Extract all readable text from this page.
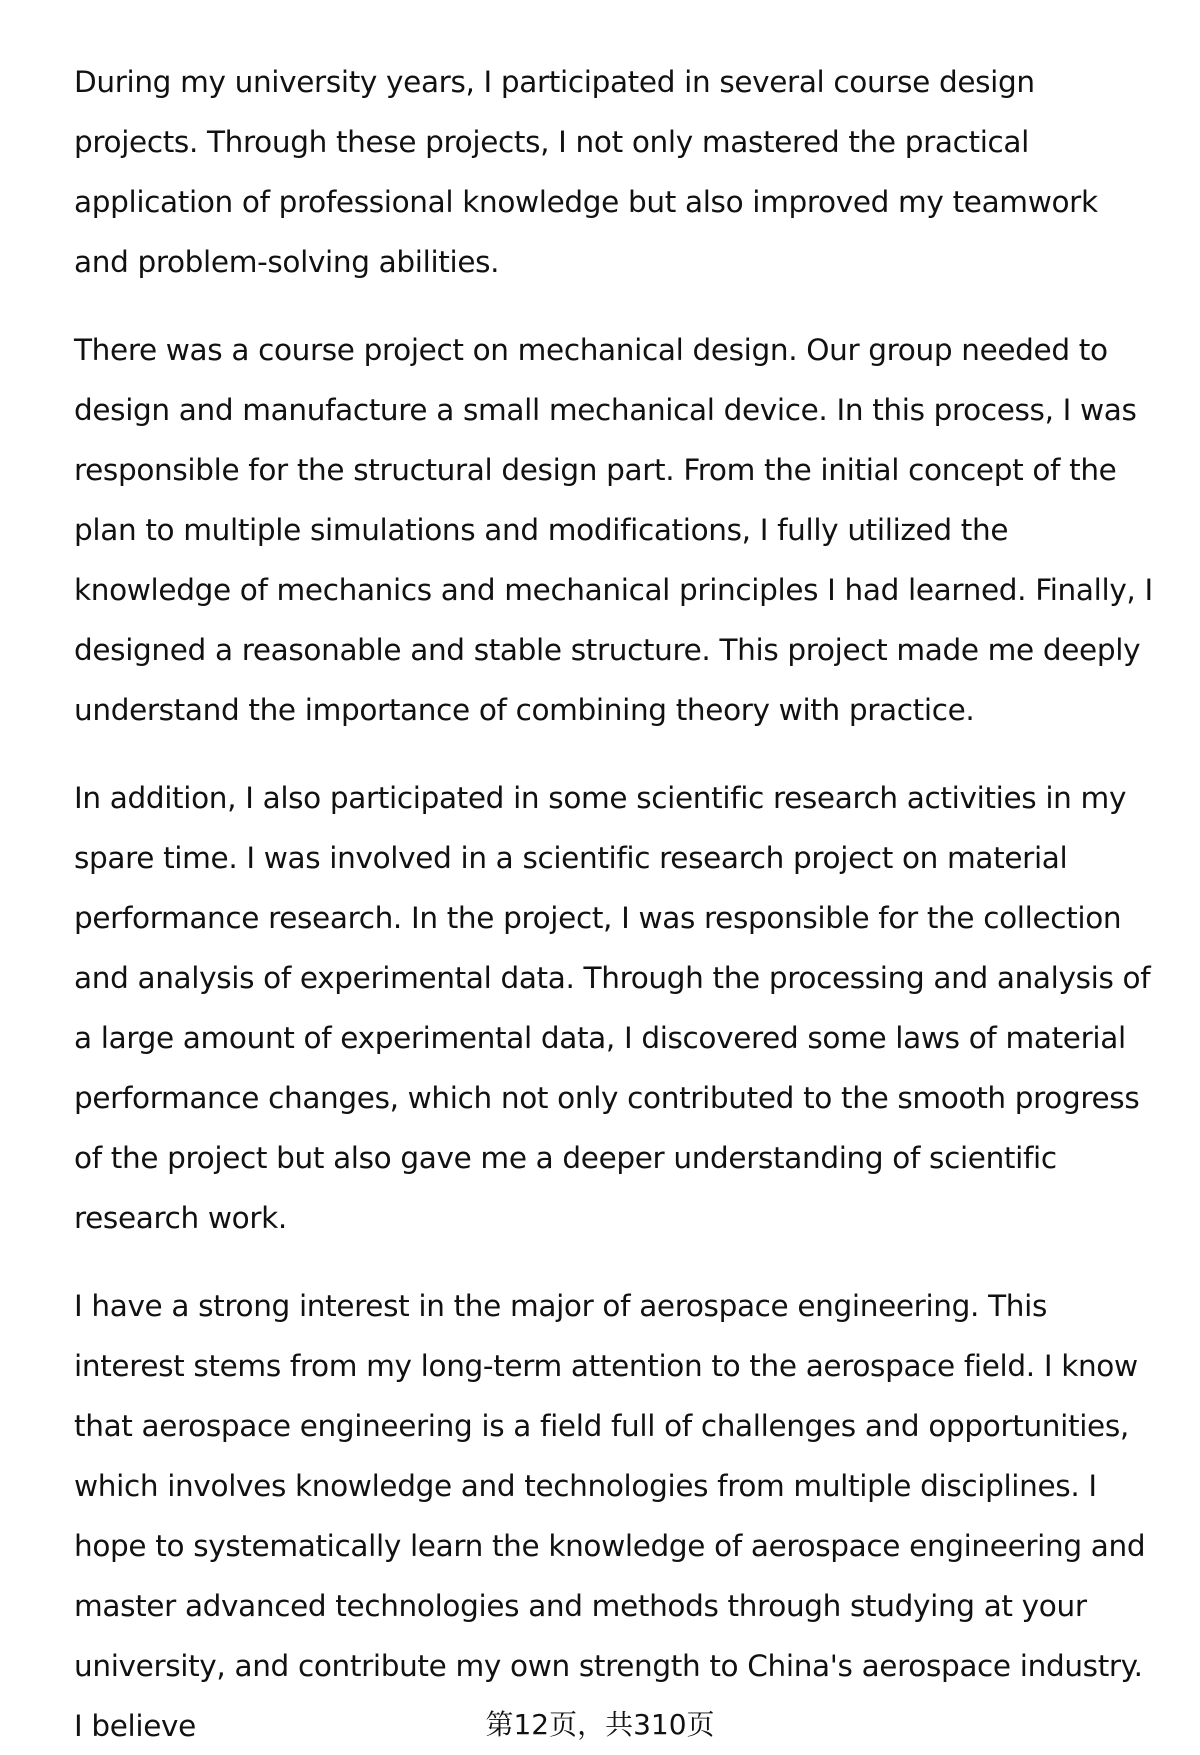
During my university years, I participated in several course design projects. Through these projects, I not only mastered the practical application of professional knowledge but also improved my teamwork and problem-solving abilities.

There was a course project on mechanical design. Our group needed to design and manufacture a small mechanical device. In this process, I was responsible for the structural design part. From the initial concept of the plan to multiple simulations and modifications, I fully utilized the knowledge of mechanics and mechanical principles I had learned. Finally, I designed a reasonable and stable structure. This project made me deeply understand the importance of combining theory with practice.

In addition, I also participated in some scientific research activities in my spare time. I was involved in a scientific research project on material performance research. In the project, I was responsible for the collection and analysis of experimental data. Through the processing and analysis of a large amount of experimental data, I discovered some laws of material performance changes, which not only contributed to the smooth progress of the project but also gave me a deeper understanding of scientific research work.

I have a strong interest in the major of aerospace engineering. This interest stems from my long-term attention to the aerospace field. I know that aerospace engineering is a field full of challenges and opportunities, which involves knowledge and technologies from multiple disciplines. I hope to systematically learn the knowledge of aerospace engineering and master advanced technologies and methods through studying at your university, and contribute my own strength to China's aerospace industry. I believe	第12页，共310页
